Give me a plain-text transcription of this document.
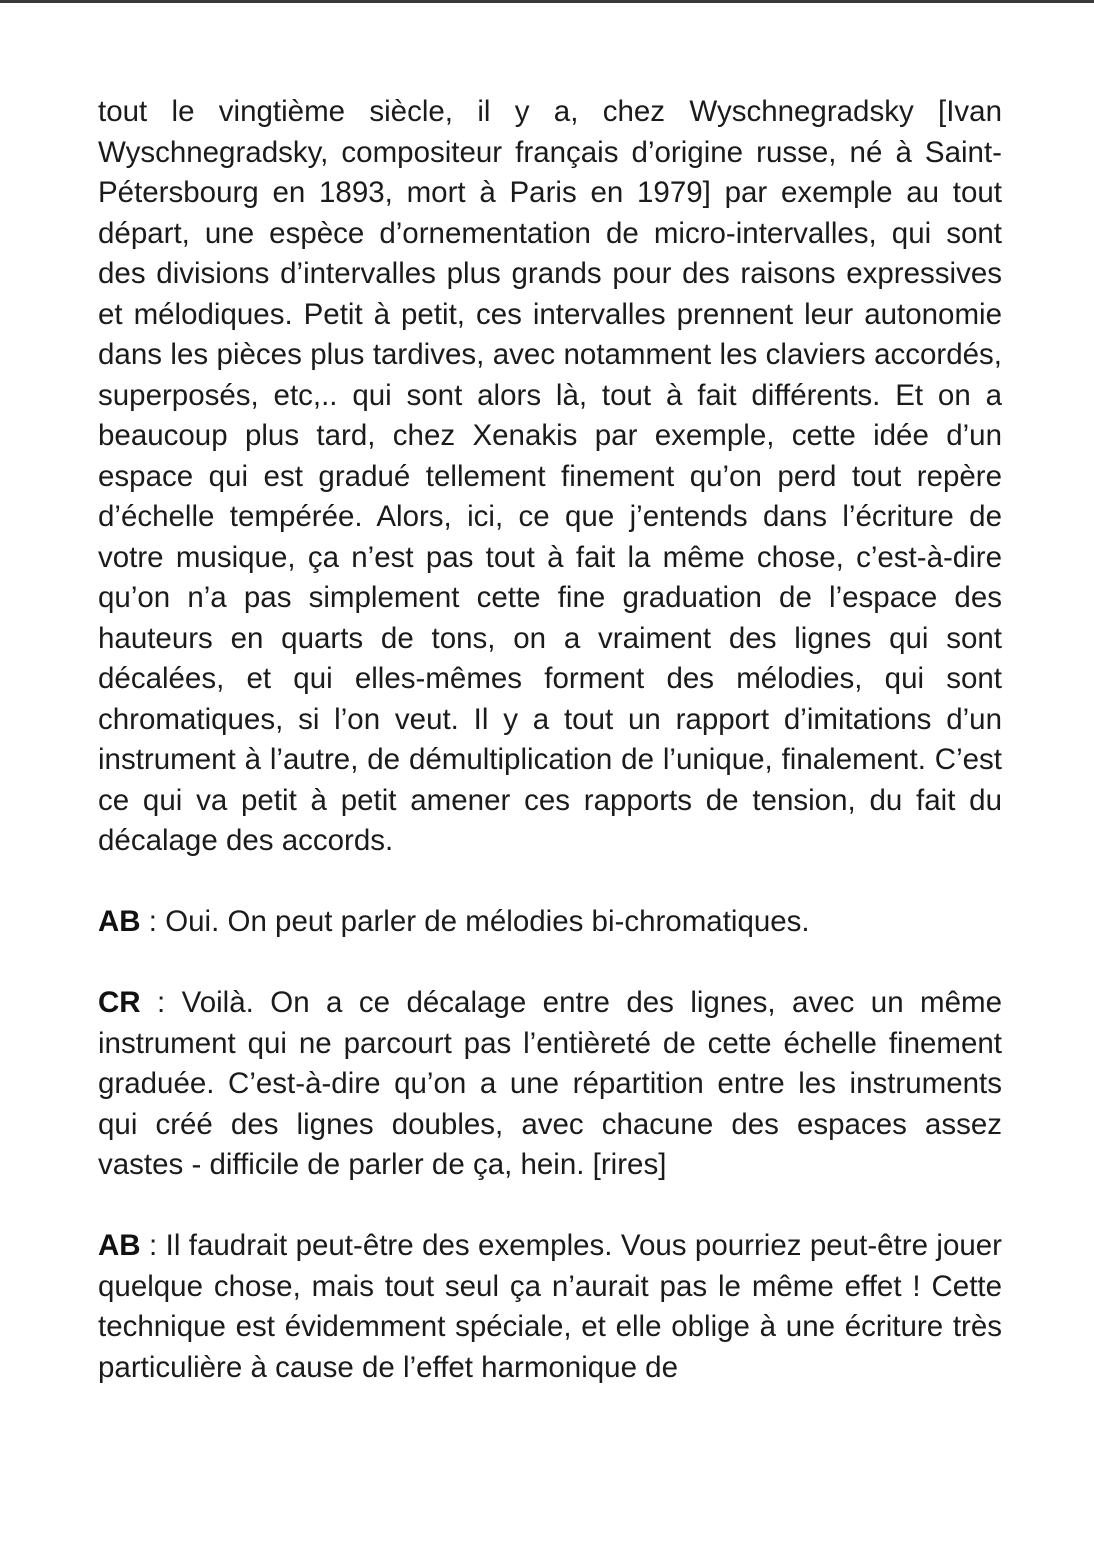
tout le vingtième siècle, il y a, chez Wyschnegradsky [Ivan Wyschnegradsky, compositeur français d’origine russe, né à Saint-Pétersbourg en 1893, mort à Paris en 1979] par exemple au tout départ, une espèce d’ornementation de micro-intervalles, qui sont des divisions d’intervalles plus grands pour des raisons expressives et mélodiques. Petit à petit, ces intervalles prennent leur autonomie dans les pièces plus tardives, avec notamment les claviers accordés, superposés, etc,.. qui sont alors là, tout à fait différents. Et on a beaucoup plus tard, chez Xenakis par exemple, cette idée d’un espace qui est gradué tellement finement qu’on perd tout repère d’échelle tempérée. Alors, ici, ce que j’entends dans l’écriture de votre musique, ça n’est pas tout à fait la même chose, c’est-à-dire qu’on n’a pas simplement cette fine graduation de l’espace des hauteurs en quarts de tons, on a vraiment des lignes qui sont décalées, et qui elles-mêmes forment des mélodies, qui sont chromatiques, si l’on veut. Il y a tout un rapport d’imitations d’un instrument à l’autre, de démultiplication de l’unique, finalement. C’est ce qui va petit à petit amener ces rapports de tension, du fait du décalage des accords.

AB : Oui. On peut parler de mélodies bi-chromatiques.

CR : Voilà. On a ce décalage entre des lignes, avec un même instrument qui ne parcourt pas l’entièreté de cette échelle finement graduée. C’est-à-dire qu’on a une répartition entre les instruments qui créé des lignes doubles, avec chacune des espaces assez vastes - difficile de parler de ça, hein. [rires]

AB : Il faudrait peut-être des exemples. Vous pourriez peut-être jouer quelque chose, mais tout seul ça n’aurait pas le même effet ! Cette technique est évidemment spéciale, et elle oblige à une écriture très particulière à cause de l’effet harmonique de
